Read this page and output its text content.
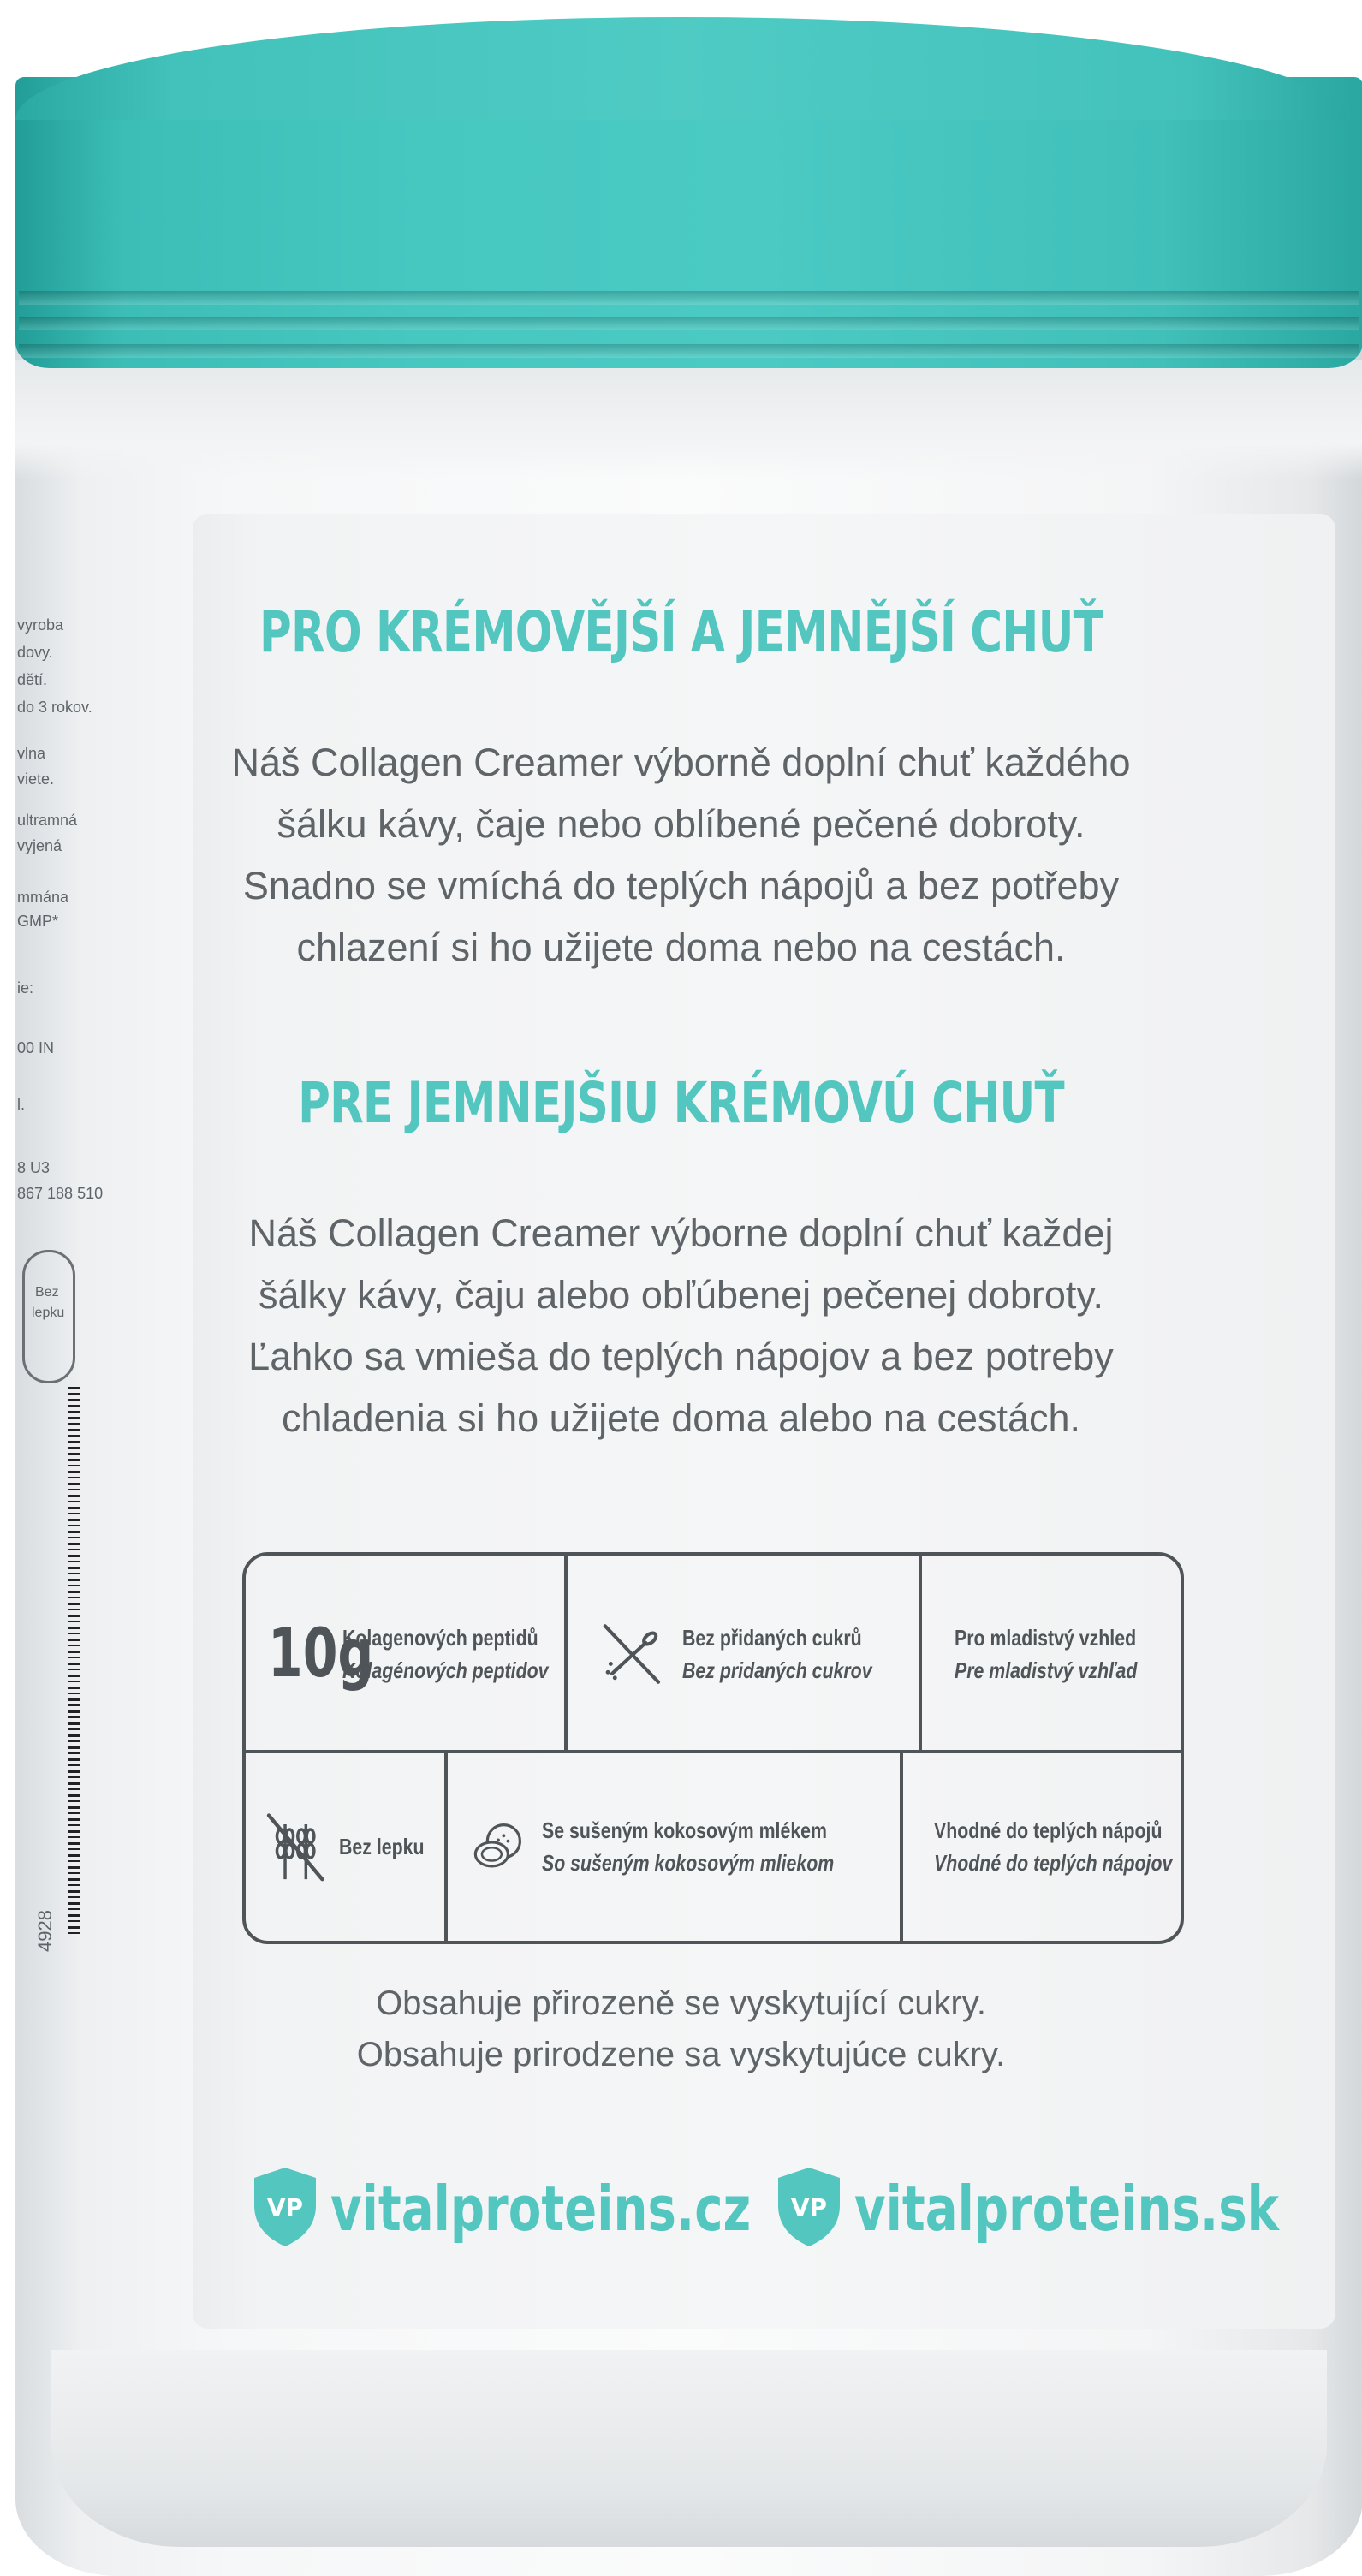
vyroba
dovy.
dětí.
do 3 rokov.
vlna
viete.
ultramná
vyjená
mmána
GMP*
ie:
00 IN
l.
8 U3
867 188 510
Bez
lepku
4928
PRO KRÉMOVĚJŠÍ A JEMNĚJŠÍ CHUŤ
Náš Collagen Creamer výborně doplní chuť každého
šálku kávy, čaje nebo oblíbené pečené dobroty.
Snadno se vmíchá do teplých nápojů a bez potřeby
chlazení si ho užijete doma nebo na cestách.
PRE JEMNEJŠIU KRÉMOVÚ CHUŤ
Náš Collagen Creamer výborne doplní chuť každej
šálky kávy, čaju alebo obľúbenej pečenej dobroty.
Ľahko sa vmieša do teplých nápojov a bez potreby
chladenia si ho užijete doma alebo na cestách.
10g
Kolagenových peptidů
Kolagénových peptidov
Bez přidaných cukrů
Bez pridaných cukrov
Pro mladistvý vzhled
Pre mladistvý vzhľad
Bez lepku
Se sušeným kokosovým mlékem
So sušeným kokosovým mliekom
Vhodné do teplých nápojů
Vhodné do teplých nápojov
Obsahuje přirozeně se vyskytující cukry.
Obsahuje prirodzene sa vyskytujúce cukry.
VP vitalproteins.cz VP vitalproteins.sk
